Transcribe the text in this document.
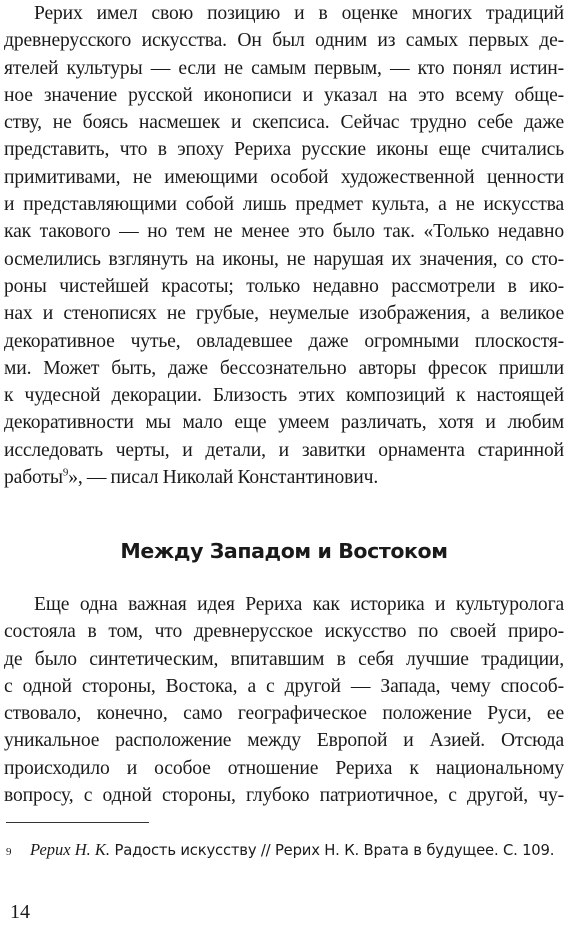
Рерих имел свою позицию и в оценке многих традиций
древнерусского искусства. Он был одним из самых первых де-
ятелей культуры — если не самым первым, — кто понял истин-
ное значение русской иконописи и указал на это всему обще-
ству, не боясь насмешек и скепсиса. Сейчас трудно себе даже
представить, что в эпоху Рериха русские иконы еще считались
примитивами, не имеющими особой художественной ценности
и представляющими собой лишь предмет культа, а не искусства
как такового — но тем не менее это было так. «Только недавно
осмелились взглянуть на иконы, не нарушая их значения, со сто-
роны чистейшей красоты; только недавно рассмотрели в ико-
нах и стенописях не грубые, неумелые изображения, а великое
декоративное чутье, овладевшее даже огромными плоскостя-
ми. Может быть, даже бессознательно авторы фресок пришли
к чудесной декорации. Близость этих композиций к настоящей
декоративности мы мало еще умеем различать, хотя и любим
исследовать черты, и детали, и завитки орнамента старинной
работы$^9$», — писал Николай Константинович.
Между Западом и Востоком
Еще одна важная идея Рериха как историка и культуролога
состояла в том, что древнерусское искусство по своей приро-
де было синтетическим, впитавшим в себя лучшие традиции,
с одной стороны, Востока, а с другой — Запада, чему способ-
ствовало, конечно, само географическое положение Руси, ее
уникальное расположение между Европой и Азией. Отсюда
происходило и особое отношение Рериха к национальному
вопросу, с одной стороны, глубоко патриотичное, с другой, чу-
9 Рерих Н. К. Радость искусству // Рерих Н. К. Врата в будущее. С. 109.
14
